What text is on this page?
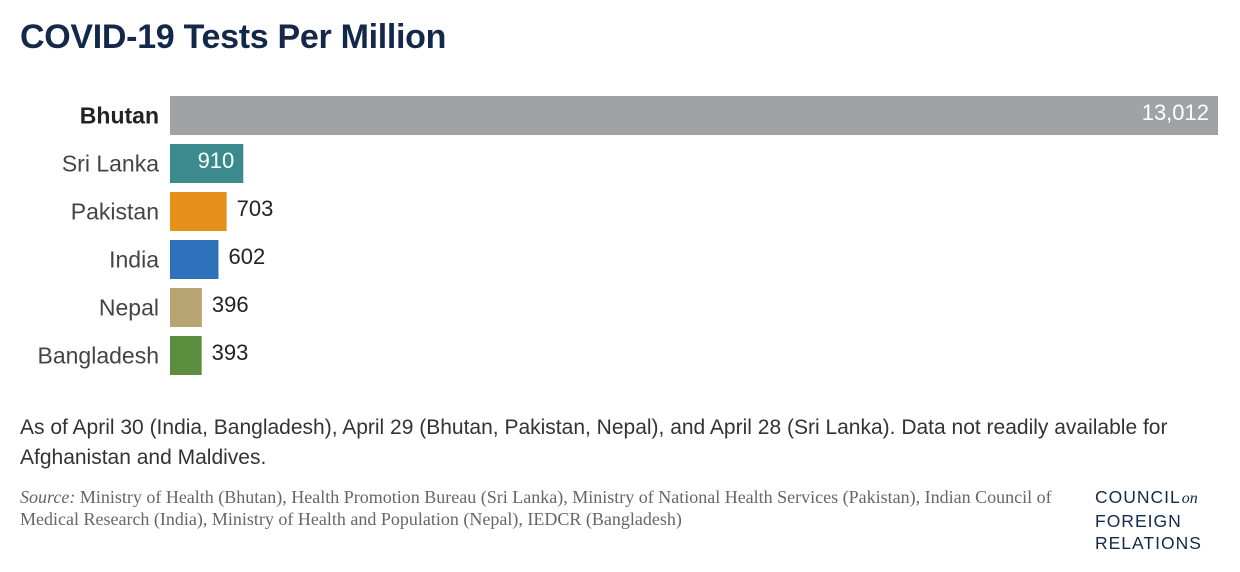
COVID-19 Tests Per Million
Bhutan	13,012
Sri Lanka 910
Pakistan	703
India	602
Nepal 396
Bangladesh 393
As of April 30 (India, Bangladesh), April 29 (Bhutan, Pakistan, Nepal), and April 28 (Sri Lanka). Data not readily available for Afghanistan and Maldives.
Source: Ministry of Health (Bhutan), Health Promotion Bureau (Sri Lanka), Ministry of National Health Services (Pakistan), Indian Council of Medical Research (India), Ministry of Health and Population (Nepal), IEDCR (Bangladesh)
COUNCILon
FOREIGN
RELATIONS
